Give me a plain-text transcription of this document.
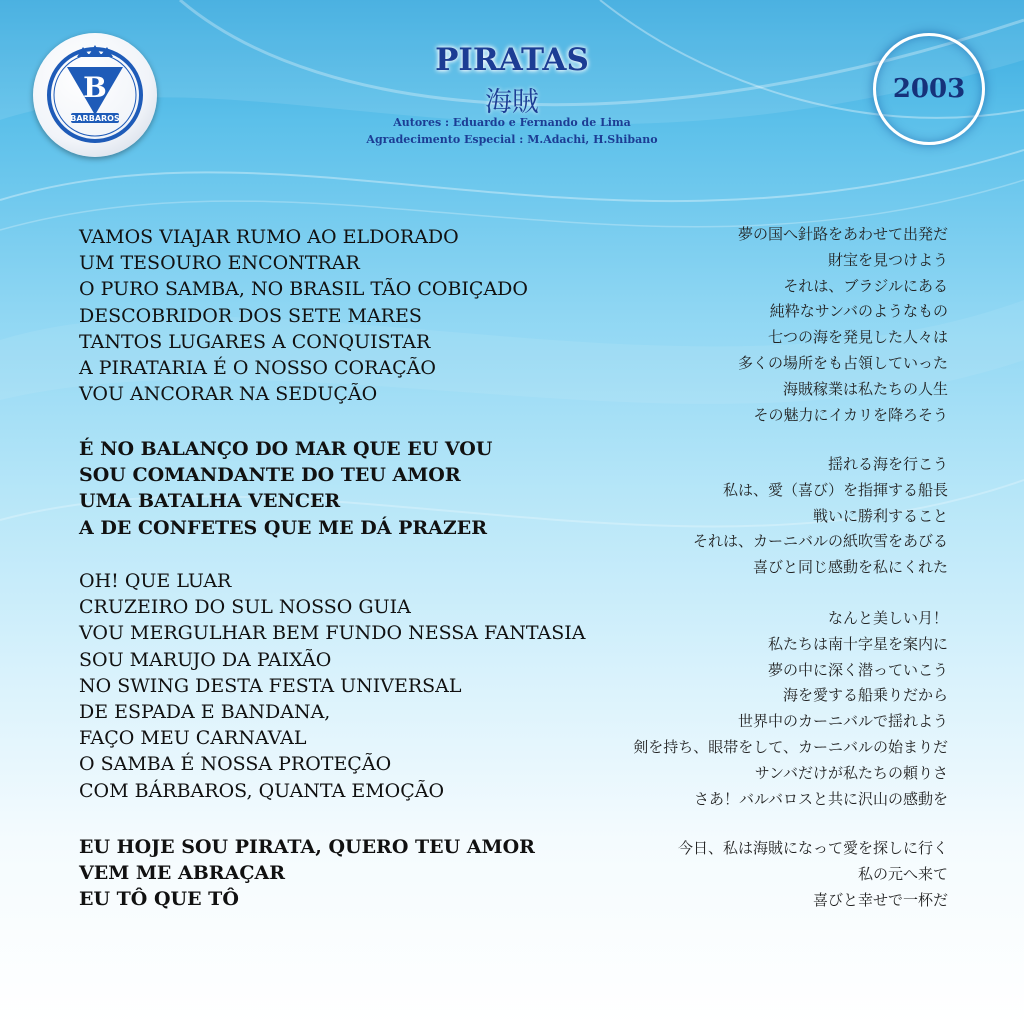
B
BARBAROS
PIRATAS
海賊
Autores : Eduardo e Fernando de Lima
Agradecimento Especial : M.Adachi, H.Shibano
2003
VAMOS VIAJAR RUMO AO ELDORADO
UM TESOURO ENCONTRAR
O PURO SAMBA, NO BRASIL TÃO COBIÇADO
DESCOBRIDOR DOS SETE MARES
TANTOS LUGARES A CONQUISTAR
A PIRATARIA É O NOSSO CORAÇÃO
VOU ANCORAR NA SEDUÇÃO
É NO BALANÇO DO MAR QUE EU VOU
SOU COMANDANTE DO TEU AMOR
UMA BATALHA VENCER
A DE CONFETES QUE ME DÁ PRAZER
OH! QUE LUAR
CRUZEIRO DO SUL NOSSO GUIA
VOU MERGULHAR BEM FUNDO NESSA FANTASIA
SOU MARUJO DA PAIXÃO
NO SWING DESTA FESTA UNIVERSAL
DE ESPADA E BANDANA,
FAÇO MEU CARNAVAL
O SAMBA É NOSSA PROTEÇÃO
COM BÁRBAROS, QUANTA EMOÇÃO
EU HOJE SOU PIRATA, QUERO TEU AMOR
VEM ME ABRAÇAR
EU TÔ QUE TÔ
夢の国へ針路をあわせて出発だ
財宝を見つけよう
それは、ブラジルにある
純粋なサンバのようなもの
七つの海を発見した人々は
多くの場所をも占領していった
海賊稼業は私たちの人生
その魅力にイカリを降ろそう
揺れる海を行こう
私は、愛（喜び）を指揮する船長
戦いに勝利すること
それは、カーニバルの紙吹雪をあびる
喜びと同じ感動を私にくれた
なんと美しい月！
私たちは南十字星を案内に
夢の中に深く潜っていこう
海を愛する船乗りだから
世界中のカーニバルで揺れよう
剣を持ち、眼帯をして、カーニバルの始まりだ
サンバだけが私たちの頼りさ
さあ！バルバロスと共に沢山の感動を
今日、私は海賊になって愛を探しに行く
私の元へ来て
喜びと幸せで一杯だ
